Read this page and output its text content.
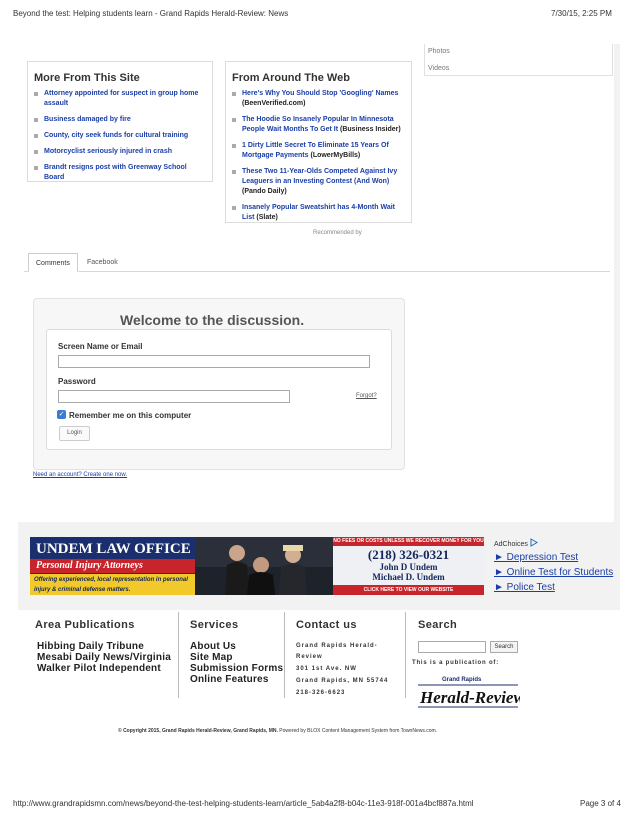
Beyond the test: Helping students learn - Grand Rapids Herald-Review: News	7/30/15, 2:25 PM
Photos
Videos
More From This Site
Attorney appointed for suspect in group home assault
Business damaged by fire
County, city seek funds for cultural training
Motorcyclist seriously injured in crash
Brandt resigns post with Greenway School Board
From Around The Web
Here's Why You Should Stop 'Googling' Names (BeenVerified.com)
The Hoodie So Insanely Popular In Minnesota People Wait Months To Get It (Business Insider)
1 Dirty Little Secret To Eliminate 15 Years Of Mortgage Payments (LowerMyBills)
These Two 11-Year-Olds Competed Against Ivy Leaguers in an Investing Contest (And Won) (Pando Daily)
Insanely Popular Sweatshirt has 4-Month Wait List (Slate)
Recommended by
Comments	Facebook
Welcome to the discussion.
Screen Name or Email
Password
Forgot?
✓ Remember me on this computer
Login
Need an account? Create one now.
UNDEM LAW OFFICE
Personal Injury Attorneys
Offering experienced, local representation in personal injury & criminal defense matters.
NO FEES OR COSTS UNLESS WE RECOVER MONEY FOR YOU
(218) 326-0321
John D Undem
Michael D. Undem
CLICK HERE TO VIEW OUR WEBSITE
AdChoices
► Depression Test
► Online Test for Students
► Police Test
Area Publications
Hibbing Daily Tribune
Mesabi Daily News/Virginia
Walker Pilot Independent
Services
About Us
Site Map
Submission Forms
Online Features
Contact us
Grand Rapids Herald-
Review
301 1st Ave. NW
Grand Rapids, MN 55744
218-326-6623
Search
Search
This is a publication of:
Grand Rapids
Herald-Review
© Copyright 2015, Grand Rapids Herald-Review, Grand Rapids, MN. Powered by BLOX Content Management System from TownNews.com.
http://www.grandrapidsmn.com/news/beyond-the-test-helping-students-learn/article_5ab4a2f8-b04c-11e3-918f-001a4bcf887a.html	Page 3 of 4
